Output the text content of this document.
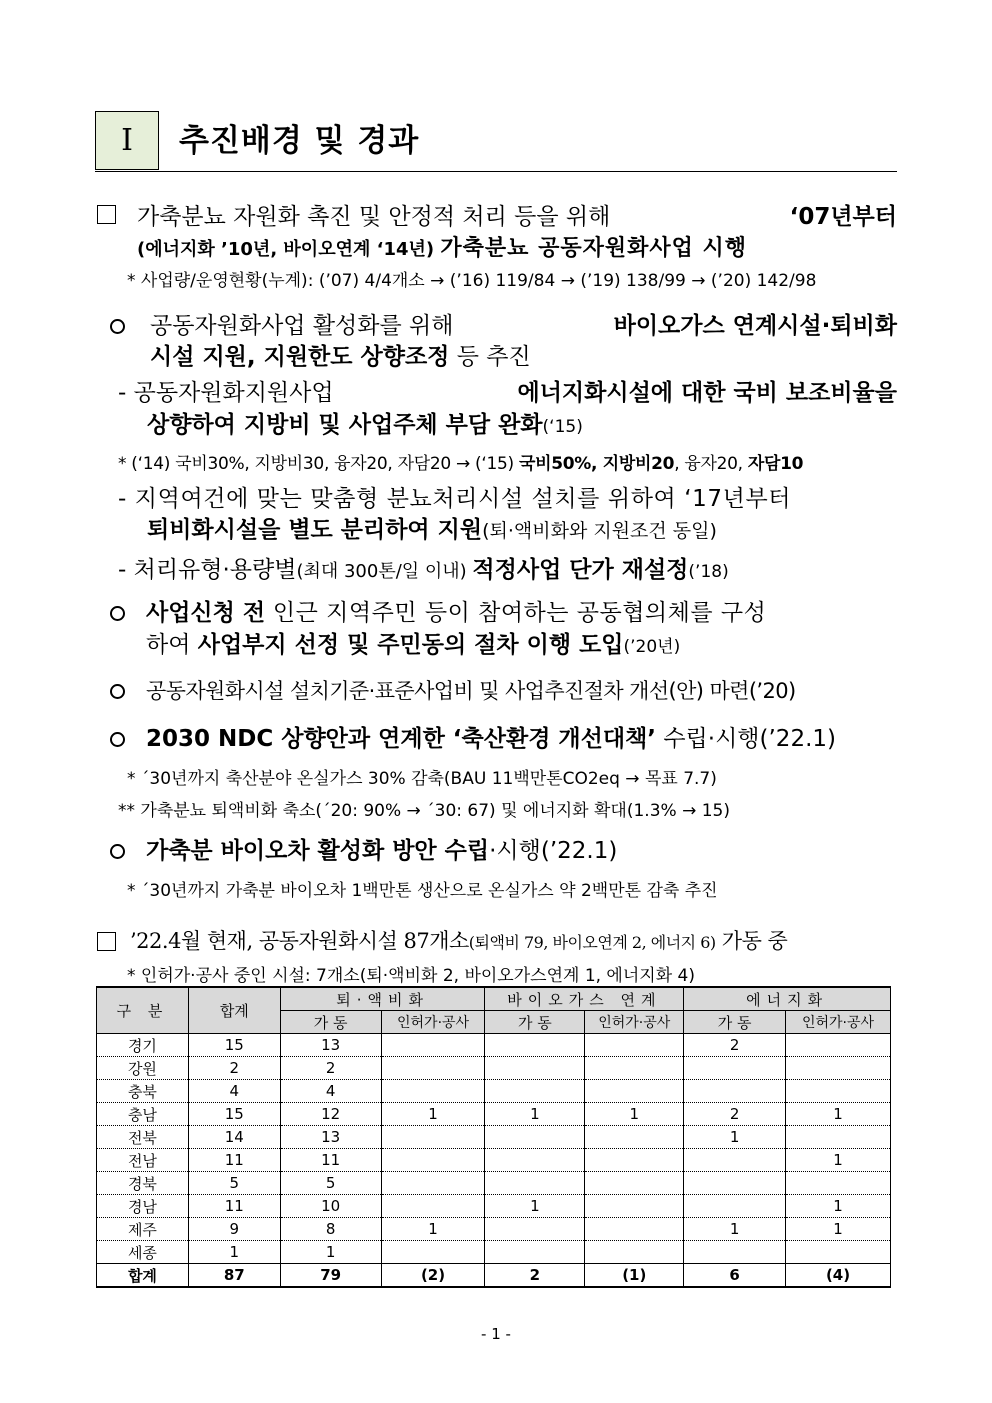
Ⅰ	추진배경 및 경과
가축분뇨 자원화 촉진 및 안정적 처리 등을 위해	‘07년부터
(에너지화 ’10년, 바이오연계 ‘14년) 가축분뇨 공동자원화사업 시행
* 사업량/운영현황(누계): (’07) 4/4개소 → (’16) 119/84 → (’19) 138/99 → (’20) 142/98
공동자원화사업 활성화를 위해	바이오가스 연계시설·퇴비화
시설 지원, 지원한도 상향조정 등 추진
- 공동자원화지원사업	에너지화시설에 대한 국비 보조비율을
상향하여 지방비 및 사업주체 부담 완화(‘15)
* (‘14) 국비30%, 지방비30, 융자20, 자담20 → (‘15) 국비50%, 지방비20, 융자20, 자담10
- 지역여건에 맞는 맞춤형 분뇨처리시설 설치를 위하여 ‘17년부터
퇴비화시설을 별도 분리하여 지원(퇴·액비화와 지원조건 동일)
- 처리유형·용량별(최대 300톤/일 이내) 적정사업 단가 재설정(’18)
사업신청 전 인근 지역주민 등이 참여하는 공동협의체를 구성
하여 사업부지 선정 및 주민동의 절차 이행 도입(’20년)
공동자원화시설 설치기준·표준사업비 및 사업추진절차 개선(안) 마련(’20)
2030 NDC 상향안과 연계한 ‘축산환경 개선대책’ 수립·시행(’22.1)
* ´30년까지 축산분야 온실가스 30% 감축(BAU 11백만톤CO2eq → 목표 7.7)
** 가축분뇨 퇴액비화 축소(´20: 90% → ´30: 67) 및 에너지화 확대(1.3% → 15)
가축분 바이오차 활성화 방안 수립·시행(’22.1)
* ´30년까지 가축분 바이오차 1백만톤 생산으로 온실가스 약 2백만톤 감축 추진
’22.4월 현재, 공동자원화시설 87개소(퇴액비 79, 바이오연계 2, 에너지 6) 가동 중
* 인허가·공사 중인 시설: 7개소(퇴·액비화 2, 바이오가스연계 1, 에너지화 4)
구 분	합계	퇴·액비화		바이오가스 연계		에너지화	
		가 동	인허가·공사	가 동	인허가·공사	가 동	인허가·공사
경기	15	13				2	
강원	2	2					
충북	4	4					
충남	15	12	1	1	1	2	1
전북	14	13				1	
전남	11	11					1
경북	5	5					
경남	11	10		1			1
제주	9	8	1			1	1
세종	1	1					
합계	87	79	(2)	2	(1)	6	(4)
- 1 -
